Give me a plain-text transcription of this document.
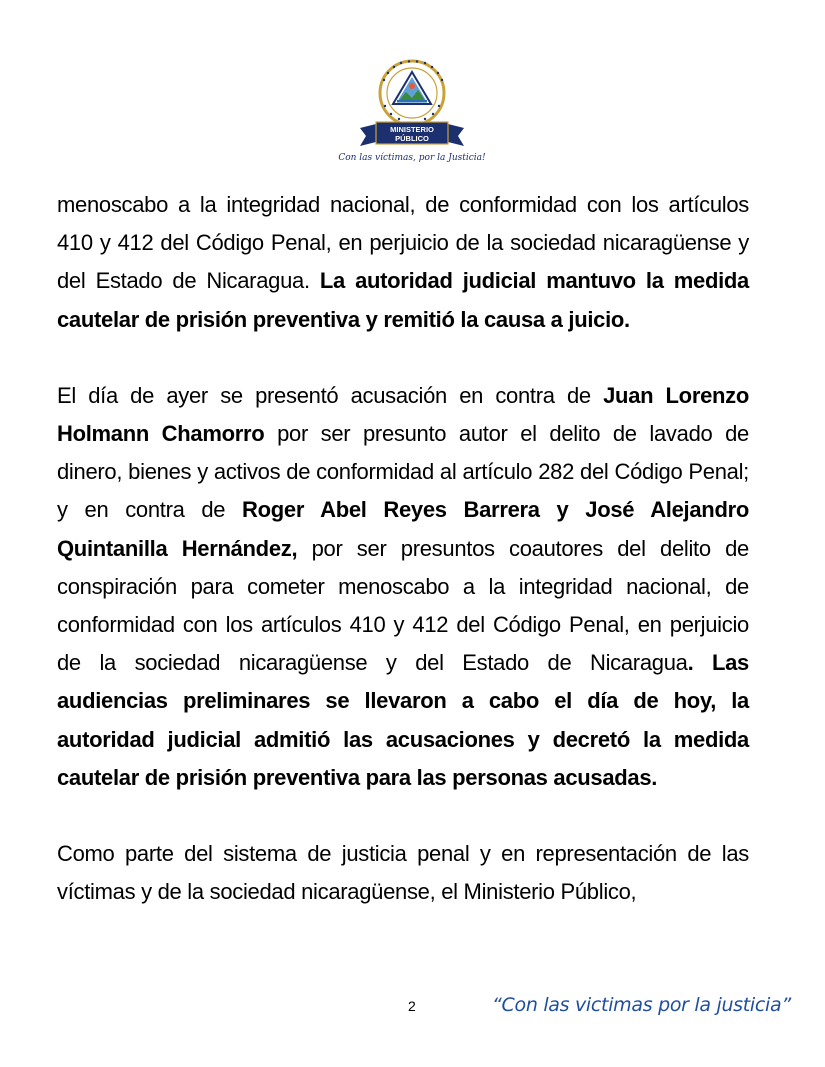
MINISTERIO
PÚBLICO
Con las víctimas, por la Justicia!

menoscabo a la integridad nacional, de conformidad con los artículos 410 y 412 del Código Penal, en perjuicio de la sociedad nicaragüense y del Estado de Nicaragua. La autoridad judicial mantuvo la medida cautelar de prisión preventiva y remitió la causa a juicio.

El día de ayer se presentó acusación en contra de Juan Lorenzo Holmann Chamorro por ser presunto autor el delito de lavado de dinero, bienes y activos de conformidad al artículo 282 del Código Penal; y en contra de Roger Abel Reyes Barrera y José Alejandro Quintanilla Hernández, por ser presuntos coautores del delito de conspiración para cometer menoscabo a la integridad nacional, de conformidad con los artículos 410 y 412 del Código Penal, en perjuicio de la sociedad nicaragüense y del Estado de Nicaragua. Las audiencias preliminares se llevaron a cabo el día de hoy, la autoridad judicial admitió las acusaciones y decretó la medida cautelar de prisión preventiva para las personas acusadas.

Como parte del sistema de justicia penal y en representación de las víctimas y de la sociedad nicaragüense, el Ministerio Público,

2	“Con las victimas por la justicia”
